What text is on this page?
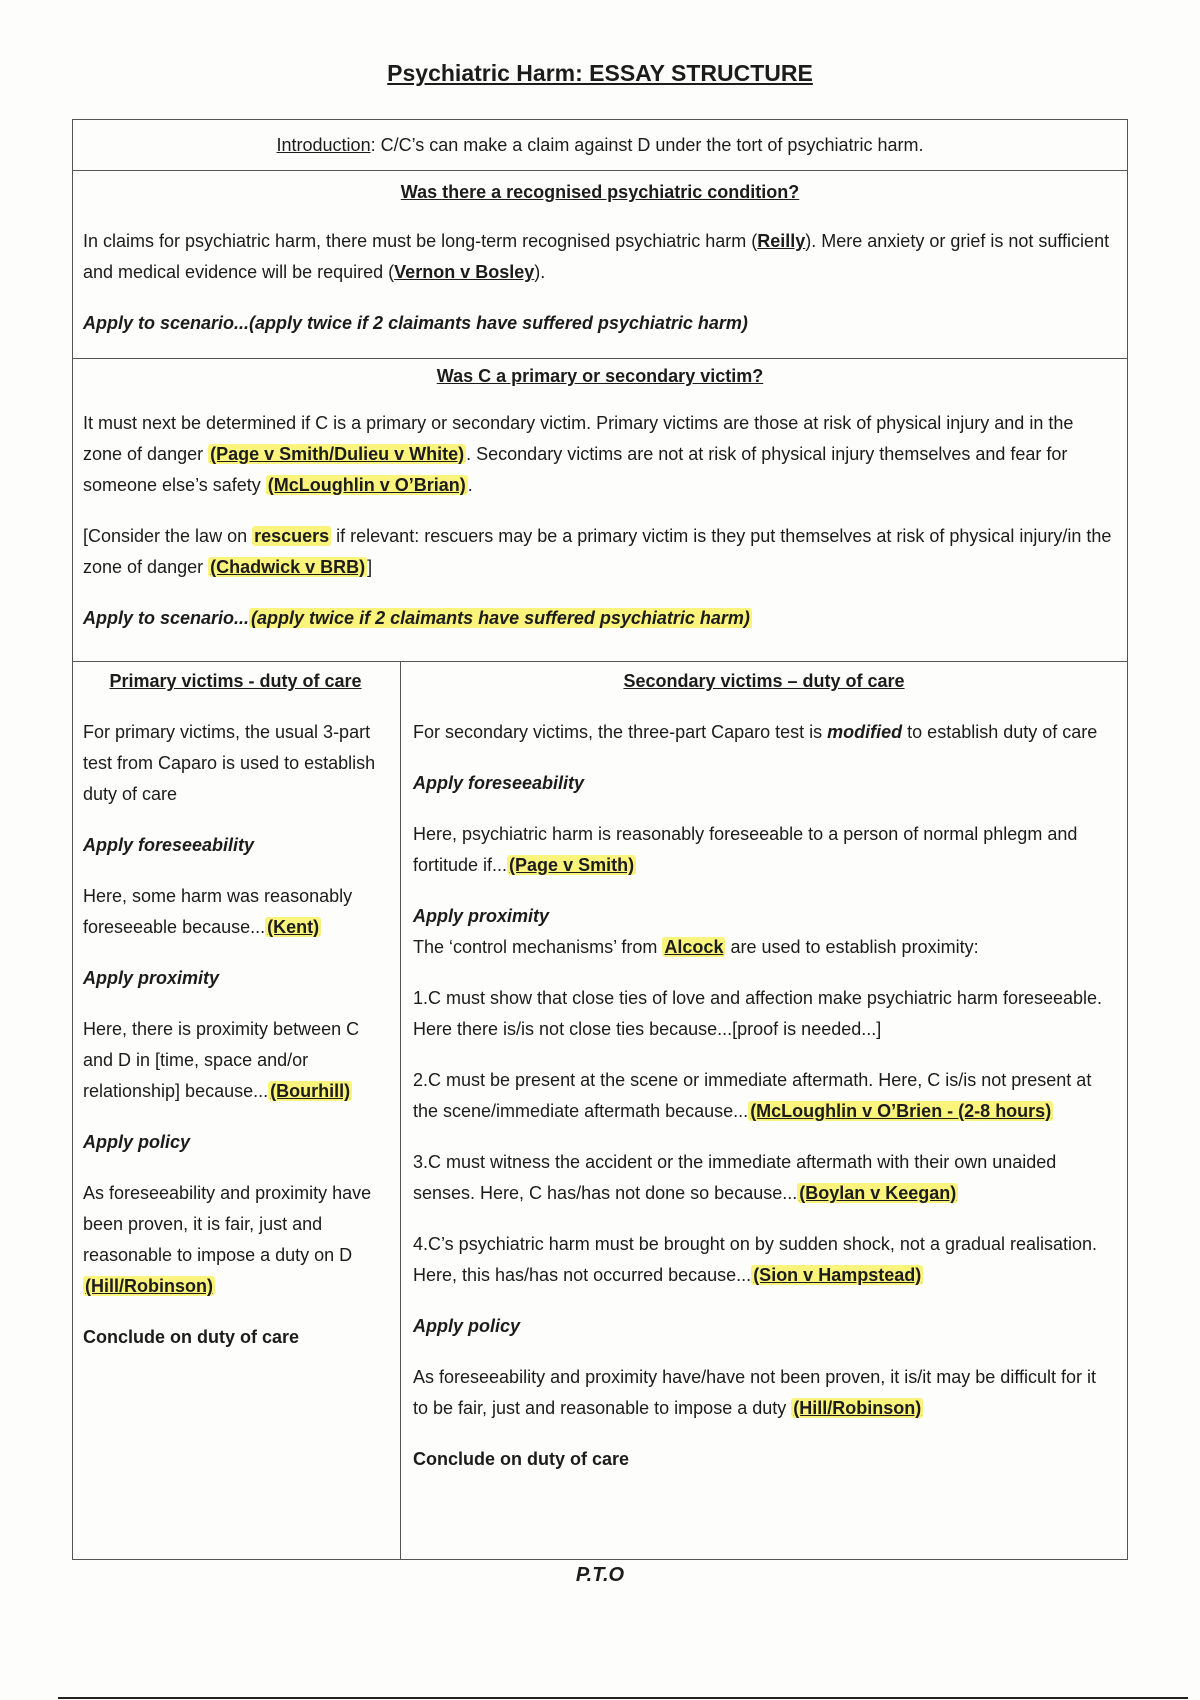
Psychiatric Harm: ESSAY STRUCTURE
Introduction: C/C’s can make a claim against D under the tort of psychiatric harm.

Was there a recognised psychiatric condition?

In claims for psychiatric harm, there must be long-term recognised psychiatric harm (Reilly). Mere anxiety or grief is not sufficient and medical evidence will be required (Vernon v Bosley).

Apply to scenario...(apply twice if 2 claimants have suffered psychiatric harm)

Was C a primary or secondary victim?

It must next be determined if C is a primary or secondary victim. Primary victims are those at risk of physical injury and in the zone of danger (Page v Smith/Dulieu v White) . Secondary victims are not at risk of physical injury themselves and fear for someone else’s safety (McLoughlin v O’Brian) .

[Consider the law on rescuers if relevant: rescuers may be a primary victim is they put themselves at risk of physical injury/in the zone of danger (Chadwick v BRB) ]

Apply to scenario... (apply twice if 2 claimants have suffered psychiatric harm)

Primary victims - duty of care

For primary victims, the usual 3-part test from Caparo is used to establish duty of care

Apply foreseeability

Here, some harm was reasonably foreseeable because... (Kent)

Apply proximity

Here, there is proximity between C and D in [time, space and/or relationship] because... (Bourhill)

Apply policy

As foreseeability and proximity have been proven, it is fair, just and reasonable to impose a duty on D (Hill/Robinson)

Conclude on duty of care

Secondary victims – duty of care

For secondary victims, the three-part Caparo test is modified to establish duty of care

Apply foreseeability

Here, psychiatric harm is reasonably foreseeable to a person of normal phlegm and fortitude if... (Page v Smith)

Apply proximity

The ‘control mechanisms’ from Alcock are used to establish proximity:

1.C must show that close ties of love and affection make psychiatric harm foreseeable. Here there is/is not close ties because...[proof is needed...]

2.C must be present at the scene or immediate aftermath. Here, C is/is not present at the scene/immediate aftermath because... (McLoughlin v O’Brien - (2-8 hours)

3.C must witness the accident or the immediate aftermath with their own unaided senses. Here, C has/has not done so because... (Boylan v Keegan)

4.C’s psychiatric harm must be brought on by sudden shock, not a gradual realisation. Here, this has/has not occurred because... (Sion v Hampstead)

Apply policy

As foreseeability and proximity have/have not been proven, it is/it may be difficult for it to be fair, just and reasonable to impose a duty (Hill/Robinson)

Conclude on duty of care

P.T.O
